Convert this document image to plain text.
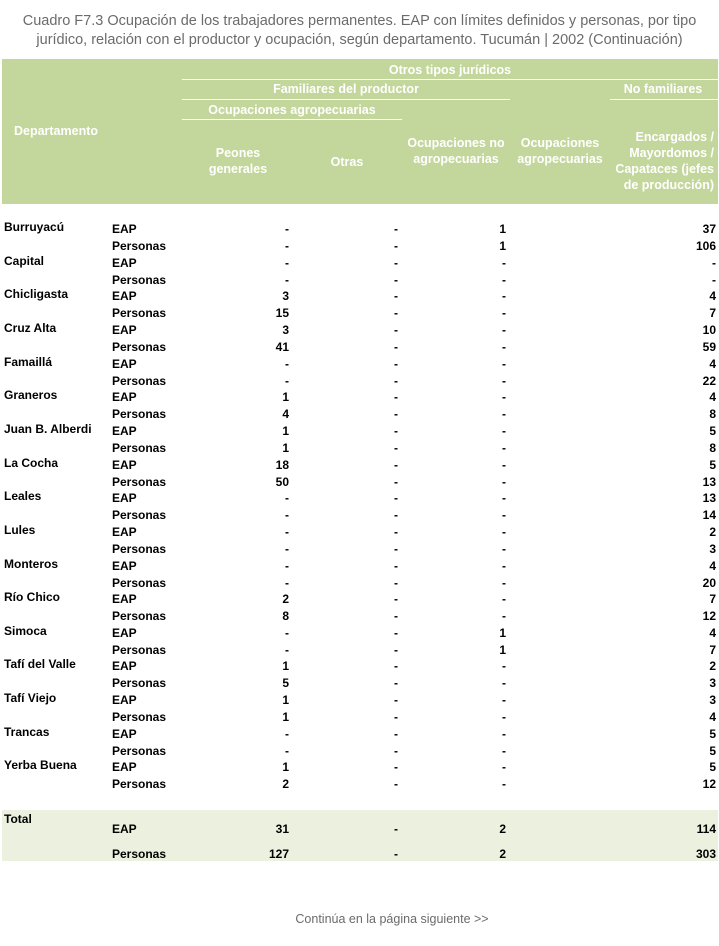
Cuadro F7.3 Ocupación de los trabajadores permanentes. EAP con límites definidos y personas, por tipo
jurídico, relación con el productor y ocupación, según departamento. Tucumán | 2002 (Continuación)
Departamento
Otros tipos jurídicos
Familiares del productor	No familiares
Ocupaciones agropecuarias
Peones
generales	Otras
Ocupaciones no
agropecuarias
Ocupaciones
agropecuarias
Encargados /
Mayordomos /
Capataces (jefes
de producción)
Burruyacú	EAP	-	-	1	37
Personas	-	-	1	106
Capital	EAP	-	-	-	-
Personas	-	-	-	-
Chicligasta	EAP	3	-	-	4
Personas	15	-	-	7
Cruz Alta	EAP	3	-	-	10
Personas	41	-	-	59
Famaillá	EAP	-	-	-	4
Personas	-	-	-	22
Graneros	EAP	1	-	-	4
Personas	4	-	-	8
Juan B. Alberdi EAP	1	-	-	5
Personas	1	-	-	8
La Cocha	EAP	18	-	-	5
Personas	50	-	-	13
Leales	EAP	-	-	-	13
Personas	-	-	-	14
Lules	EAP	-	-	-	2
Personas	-	-	-	3
Monteros	EAP	-	-	-	4
Personas	-	-	-	20
Río Chico	EAP	2	-	-	7
Personas	8	-	-	12
Simoca	EAP	-	-	1	4
Personas	-	-	1	7
Tafí del Valle	EAP	1	-	-	2
Personas	5	-	-	3
Tafí Viejo	EAP	1	-	-	3
Personas	1	-	-	4
Trancas	EAP	-	-	-	5
Personas	-	-	-	5
Yerba Buena	EAP	1	-	-	5
Personas	2	-	-	12
Total
EAP	31	-	2	114
Personas	127	-	2	303
Continúa en la página siguiente >>
